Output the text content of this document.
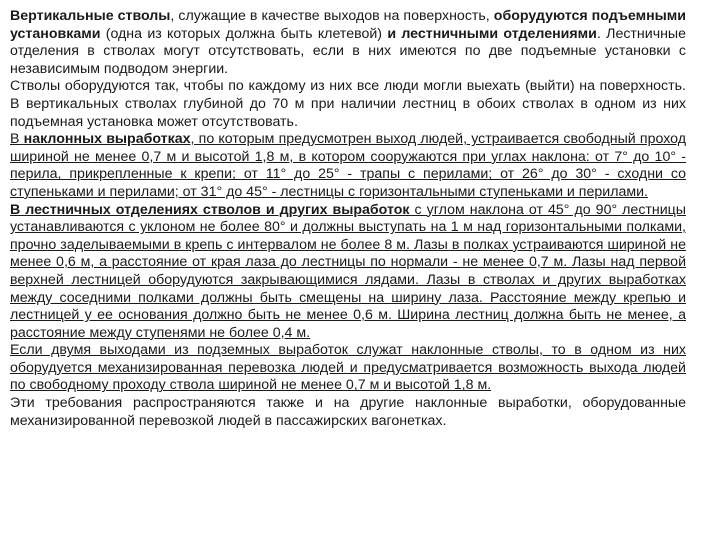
Вертикальные стволы, служащие в качестве выходов на поверхность, оборудуются подъемными установками (одна из которых должна быть клетевой) и лестничными отделениями. Лестничные отделения в стволах могут отсутствовать, если в них имеются по две подъемные установки с независимым подводом энергии.

Стволы оборудуются так, чтобы по каждому из них все люди могли выехать (выйти) на поверхность. В вертикальных стволах глубиной до 70 м при наличии лестниц в обоих стволах в одном из них подъемная установка может отсутствовать.

В наклонных выработках, по которым предусмотрен выход людей, устраивается свободный проход шириной не менее 0,7 м и высотой 1,8 м, в котором сооружаются при углах наклона: от 7° до 10° - перила, прикрепленные к крепи; от 11° до 25° - трапы с перилами; от 26° до 30° - сходни со ступеньками и перилами; от 31° до 45° - лестницы с горизонтальными ступеньками и перилами.

В лестничных отделениях стволов и других выработок с углом наклона от 45° до 90° лестницы устанавливаются с уклоном не более 80° и должны выступать на 1 м над горизонтальными полками, прочно заделываемыми в крепь с интервалом не более 8 м. Лазы в полках устраиваются шириной не менее 0,6 м, а расстояние от края лаза до лестницы по нормали - не менее 0,7 м. Лазы над первой верхней лестницей оборудуются закрывающимися лядами. Лазы в стволах и других выработках между соседними полками должны быть смещены на ширину лаза. Расстояние между крепью и лестницей у ее основания должно быть не менее 0,6 м. Ширина лестниц должна быть не менее, а расстояние между ступенями не более 0,4 м.

Если двумя выходами из подземных выработок служат наклонные стволы, то в одном из них оборудуется механизированная перевозка людей и предусматривается возможность выхода людей по свободному проходу ствола шириной не менее 0,7 м и высотой 1,8 м.

Эти требования распространяются также и на другие наклонные выработки, оборудованные механизированной перевозкой людей в пассажирских вагонетках.
